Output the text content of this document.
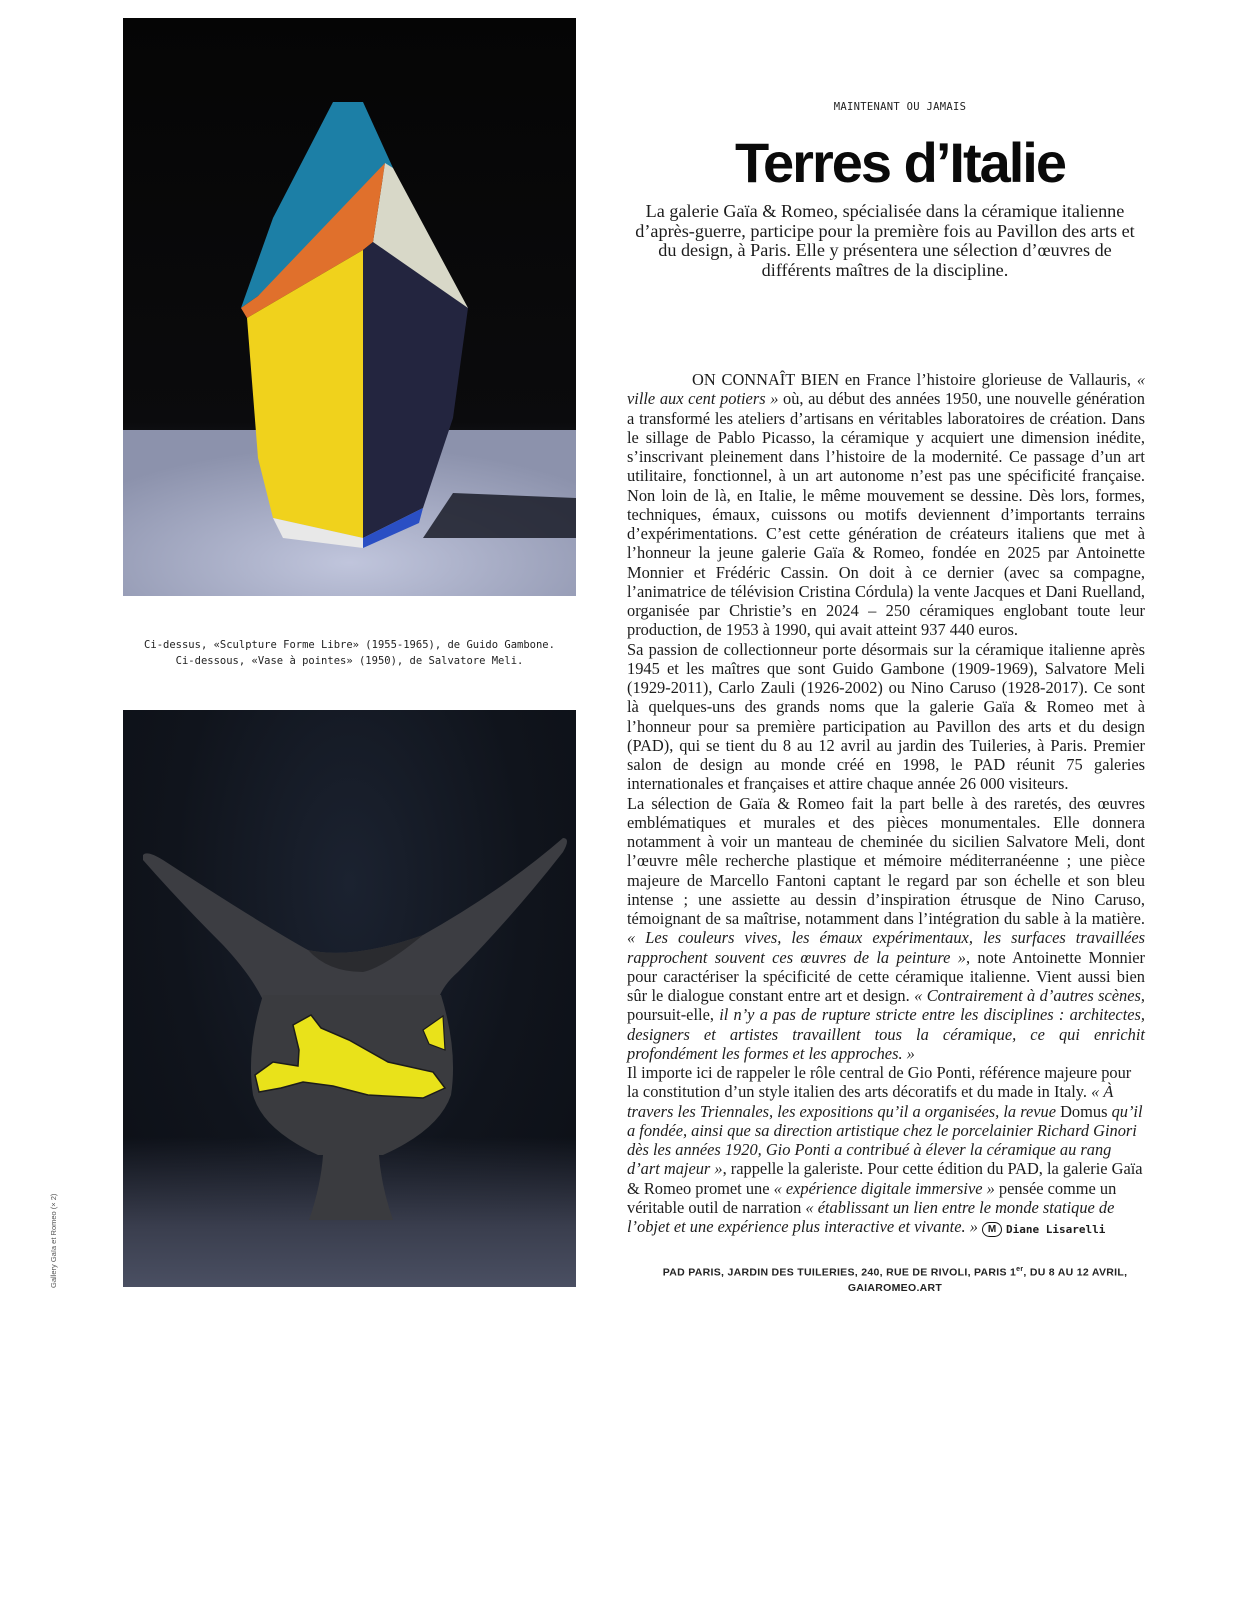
Ci-dessus, «Sculpture Forme Libre» (1955-1965), de Guido Gambone.
Ci-dessous, «Vase à pointes» (1950), de Salvatore Meli.
Gallery Gaïa et Romeo (× 2)
MAINTENANT OU JAMAIS
Terres d’Italie
La galerie Gaïa & Romeo, spécialisée dans la céramique italienne d’après-guerre, participe pour la première fois au Pavillon des arts et du design, à Paris. Elle y présentera une sélection d’œuvres de différents maîtres de la discipline.

ON CONNAÎT BIEN en France l’histoire glorieuse de Vallauris, « ville aux cent potiers » où, au début des années 1950, une nouvelle génération a transformé les ateliers d’artisans en véritables laboratoires de création. Dans le sillage de Pablo Picasso, la céramique y acquiert une dimension inédite, s’inscrivant pleinement dans l’histoire de la modernité. Ce passage d’un art utilitaire, fonctionnel, à un art autonome n’est pas une spécificité française. Non loin de là, en Italie, le même mouvement se dessine. Dès lors, formes, techniques, émaux, cuissons ou motifs deviennent d’importants terrains d’expérimentations. C’est cette génération de créateurs italiens que met à l’honneur la jeune galerie Gaïa & Romeo, fondée en 2025 par Antoinette Monnier et Frédéric Cassin. On doit à ce dernier (avec sa compagne, l’animatrice de télévision Cristina Córdula) la vente Jacques et Dani Ruelland, organisée par Christie’s en 2024 – 250 céramiques englobant toute leur production, de 1953 à 1990, qui avait atteint 937 440 euros.

Sa passion de collectionneur porte désormais sur la céramique italienne après 1945 et les maîtres que sont Guido Gambone (1909-1969), Salvatore Meli (1929-2011), Carlo Zauli (1926-2002) ou Nino Caruso (1928-2017). Ce sont là quelques-uns des grands noms que la galerie Gaïa & Romeo met à l’honneur pour sa première participation au Pavillon des arts et du design (PAD), qui se tient du 8 au 12 avril au jardin des Tuileries, à Paris. Premier salon de design au monde créé en 1998, le PAD réunit 75 galeries internationales et françaises et attire chaque année 26 000 visiteurs.

La sélection de Gaïa & Romeo fait la part belle à des raretés, des œuvres emblématiques et murales et des pièces monumentales. Elle donnera notamment à voir un manteau de cheminée du sicilien Salvatore Meli, dont l’œuvre mêle recherche plastique et mémoire méditerranéenne ; une pièce majeure de Marcello Fantoni captant le regard par son échelle et son bleu intense ; une assiette au dessin d’inspiration étrusque de Nino Caruso, témoignant de sa maîtrise, notamment dans l’intégration du sable à la matière. « Les couleurs vives, les émaux expérimentaux, les surfaces travaillées rapprochent souvent ces œuvres de la peinture », note Antoinette Monnier pour caractériser la spécificité de cette céramique italienne. Vient aussi bien sûr le dialogue constant entre art et design. « Contrairement à d’autres scènes, poursuit-elle, il n’y a pas de rupture stricte entre les disciplines : architectes, designers et artistes travaillent tous la céramique, ce qui enrichit profondément les formes et les approches. »

Il importe ici de rappeler le rôle central de Gio Ponti, référence majeure pour la constitution d’un style italien des arts décoratifs et du made in Italy. « À travers les Triennales, les expositions qu’il a organisées, la revue Domus qu’il a fondée, ainsi que sa direction artistique chez le porcelainier Richard Ginori dès les années 1920, Gio Ponti a contribué à élever la céramique au rang d’art majeur », rappelle la galeriste. Pour cette édition du PAD, la galerie Gaïa & Romeo promet une « expérience digitale immersive » pensée comme un véritable outil de narration « établissant un lien entre le monde statique de l’objet et une expérience plus interactive et vivante. » M Diane Lisarelli

PAD PARIS, JARDIN DES TUILERIES, 240, RUE DE RIVOLI, PARIS 1er, DU 8 AU 12 AVRIL,
GAIAROMEO.ART
